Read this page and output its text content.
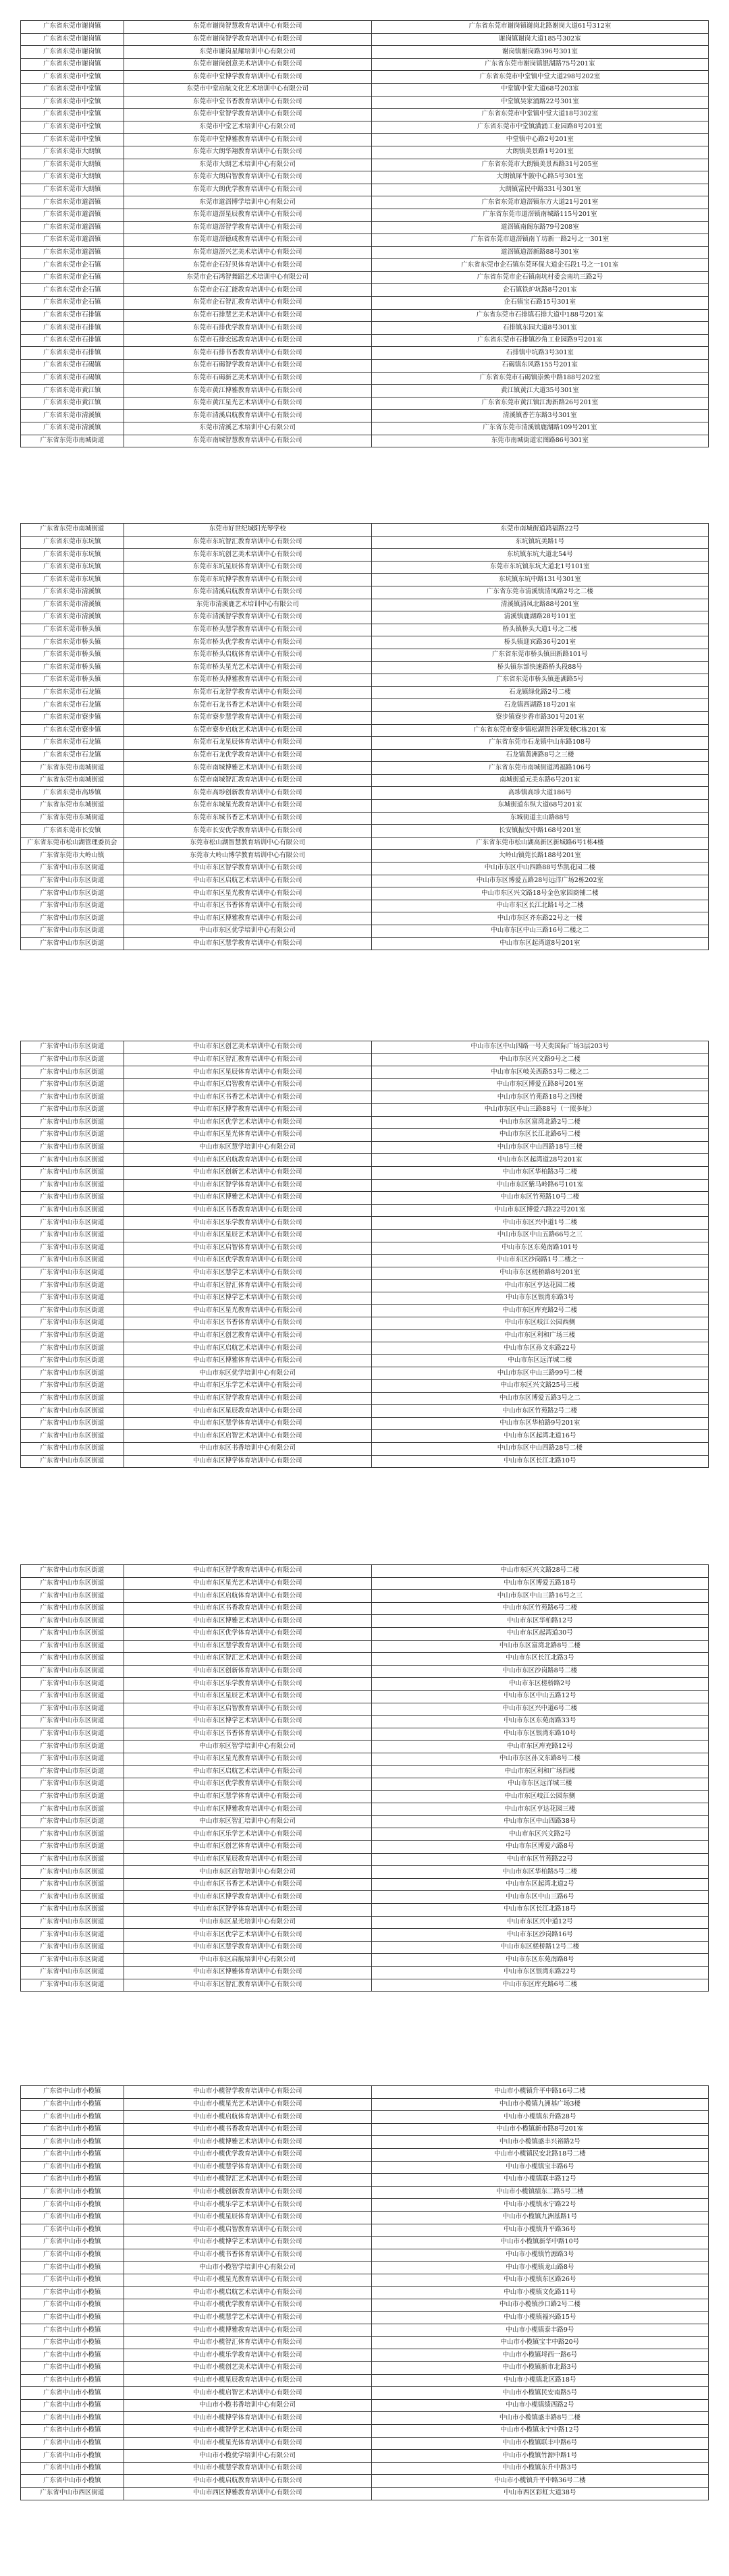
广东省东莞市谢岗镇	东莞市谢岗智慧教育培训中心有限公司	广东省东莞市谢岗镇谢岗北路谢岗大道61号312室
广东省东莞市谢岗镇	东莞市谢岗智学教育培训中心有限公司	谢岗镇谢岗大道185号302室
广东省东莞市谢岗镇	东莞市谢岗星耀培训中心有限公司	谢岗镇谢岗路396号301室
广东省东莞市谢岗镇	东莞市谢岗创意美术培训中心有限公司	广东省东莞市谢岗镇银湖路75号201室
广东省东莞市中堂镇	东莞市中堂博学教育培训中心有限公司	广东省东莞市中堂镇中堂大道298号202室
广东省东莞市中堂镇	东莞市中堂启航文化艺术培训中心有限公司	中堂镇中堂大道68号203室
广东省东莞市中堂镇	东莞市中堂书香教育培训中心有限公司	中堂镇吴家涌路22号301室
广东省东莞市中堂镇	东莞市中堂智学教育培训中心有限公司	广东省东莞市中堂镇中堂大道18号302室
广东省东莞市中堂镇	东莞市中堂艺术培训中心有限公司	广东省东莞市中堂镇潢涌工业园路8号201室
广东省东莞市中堂镇	东莞市中堂博雅教育培训中心有限公司	中堂镇中心路2号201室
广东省东莞市大朗镇	东莞市大朗华翔教育培训中心有限公司	大朗镇美景路1号201室
广东省东莞市大朗镇	东莞市大朗艺术培训中心有限公司	广东省东莞市大朗镇美景西路31号205室
广东省东莞市大朗镇	东莞市大朗启智教育培训中心有限公司	大朗镇犀牛陂中心路5号301室
广东省东莞市大朗镇	东莞市大朗优学教育培训中心有限公司	大朗镇富民中路331号301室
广东省东莞市道滘镇	东莞市道滘博学培训中心有限公司	广东省东莞市道滘镇东方大道21号201室
广东省东莞市道滘镇	东莞市道滘星辰教育培训中心有限公司	广东省东莞市道滘镇南城路115号201室
广东省东莞市道滘镇	东莞市道滘智学教育培训中心有限公司	道滘镇南阁东路79号208室
广东省东莞市道滘镇	东莞市道滘德成教育培训中心有限公司	广东省东莞市道滘镇南丫坊新一路2号之一301室
广东省东莞市道滘镇	东莞市道滘兴艺美术培训中心有限公司	道滘镇道滘新路88号301室
广东省东莞市企石镇	东莞市企石好贝体育培训中心有限公司	广东省东莞市企石镇东莞环保大道企石段1号之一101室
广东省东莞市企石镇	东莞市企石鸿智舞蹈艺术培训中心有限公司	广东省东莞市企石镇南坑村委会南坑三路2号
广东省东莞市企石镇	东莞市企石汇能教育培训中心有限公司	企石镇铁炉坑路8号201室
广东省东莞市企石镇	东莞市企石智汇教育培训中心有限公司	企石镇宝石路15号301室
广东省东莞市石排镇	东莞市石排慧艺美术培训中心有限公司	广东省东莞市石排镇石排大道中188号201室
广东省东莞市石排镇	东莞市石排优学教育培训中心有限公司	石排镇东园大道8号301室
广东省东莞市石排镇	东莞市石排宏远教育培训中心有限公司	广东省东莞市石排镇沙角工业园路9号201室
广东省东莞市石排镇	东莞市石排书香教育培训中心有限公司	石排镇中坑路3号301室
广东省东莞市石碣镇	东莞市石碣智学教育培训中心有限公司	石碣镇东风路155号201室
广东省东莞市石碣镇	东莞市石碣新艺美术培训中心有限公司	广东省东莞市石碣镇崇焕中路188号202室
广东省东莞市黄江镇	东莞市黄江博雅教育培训中心有限公司	黄江镇黄江大道35号301室
广东省东莞市黄江镇	东莞市黄江星光艺术培训中心有限公司	广东省东莞市黄江镇江海新路26号201室
广东省东莞市清溪镇	东莞市清溪启航教育培训中心有限公司	清溪镇香芒东路3号301室
广东省东莞市清溪镇	东莞市清溪艺术培训中心有限公司	广东省东莞市清溪镇鹿湖路109号201室
广东省东莞市南城街道	东莞市南城智慧教育培训中心有限公司	东莞市南城街道宏图路86号301室
广东省东莞市南城街道	东莞市好世纪城阳光琴学校	东莞市南城街道鸿福路22号
广东省东莞市东坑镇	东莞市东坑智汇教育培训中心有限公司	东坑镇坑美路1号
广东省东莞市东坑镇	东莞市东坑创艺美术培训中心有限公司	东坑镇东坑大道北54号
广东省东莞市东坑镇	东莞市东坑星辰体育培训中心有限公司	东莞市东坑镇东坑大道北1号101室
广东省东莞市东坑镇	东莞市东坑博学教育培训中心有限公司	东坑镇东坑中路131号301室
广东省东莞市清溪镇	东莞市清溪启航教育培训中心有限公司	广东省东莞市清溪镇清凤路2号之二楼
广东省东莞市清溪镇	东莞市清溪鹿艺术培训中心有限公司	清溪镇清凤北路88号201室
广东省东莞市清溪镇	东莞市清溪智学教育培训中心有限公司	清溪镇鹿湖路28号101室
广东省东莞市桥头镇	东莞市桥头慧学教育培训中心有限公司	桥头镇桥头大道1号之二楼
广东省东莞市桥头镇	东莞市桥头优学教育培训中心有限公司	桥头镇迎宾路36号201室
广东省东莞市桥头镇	东莞市桥头启航体育培训中心有限公司	广东省东莞市桥头镇田新路101号
广东省东莞市桥头镇	东莞市桥头星光艺术培训中心有限公司	桥头镇东部快速路桥头段88号
广东省东莞市桥头镇	东莞市桥头博雅教育培训中心有限公司	广东省东莞市桥头镇莲湖路5号
广东省东莞市石龙镇	东莞市石龙智学教育培训中心有限公司	石龙镇绿化路2号二楼
广东省东莞市石龙镇	东莞市石龙书香艺术培训中心有限公司	石龙镇西湖路18号201室
广东省东莞市寮步镇	东莞市寮步慧学教育培训中心有限公司	寮步镇寮步香市路301号201室
广东省东莞市寮步镇	东莞市寮步启航艺术培训中心有限公司	广东省东莞市寮步镇松湖智谷研发楼C栋201室
广东省东莞市石龙镇	东莞市石龙星辰体育培训中心有限公司	广东省东莞市石龙镇中山东路108号
广东省东莞市石龙镇	东莞市石龙优学教育培训中心有限公司	石龙镇黄洲路8号之三楼
广东省东莞市南城街道	东莞市南城博雅艺术培训中心有限公司	广东省东莞市南城街道鸿福路106号
广东省东莞市南城街道	东莞市南城智汇教育培训中心有限公司	南城街道元美东路6号201室
广东省东莞市高埗镇	东莞市高埗创新教育培训中心有限公司	高埗镇高埗大道186号
广东省东莞市东城街道	东莞市东城星光教育培训中心有限公司	东城街道东纵大道68号201室
广东省东莞市东城街道	东莞市东城书香艺术培训中心有限公司	东城街道主山路88号
广东省东莞市长安镇	东莞市长安优学教育培训中心有限公司	长安镇振安中路168号201室
广东省东莞市松山湖管理委员会	东莞市松山湖智慧教育培训中心有限公司	广东省东莞市松山湖高新区新城路6号1栋4楼
广东省东莞市大岭山镇	东莞市大岭山博学教育培训中心有限公司	大岭山镇莞长路188号201室
广东省中山市东区街道	中山市东区智学教育培训中心有限公司	中山市东区中山四路88号华凯花园二楼
广东省中山市东区街道	中山市东区启航艺术培训中心有限公司	中山市东区博爱五路28号远洋广场2栋202室
广东省中山市东区街道	中山市东区星光教育培训中心有限公司	中山市东区兴文路18号金色家园商铺二楼
广东省中山市东区街道	中山市东区书香体育培训中心有限公司	中山市东区长江北路1号之二楼
广东省中山市东区街道	中山市东区博雅教育培训中心有限公司	中山市东区齐东路22号之一楼
广东省中山市东区街道	中山市东区优学培训中心有限公司	中山市东区中山三路16号二楼之二
广东省中山市东区街道	中山市东区慧学教育培训中心有限公司	中山市东区起湾道8号201室
广东省中山市东区街道	中山市东区创艺美术培训中心有限公司	中山市东区中山四路一号天奕国际广场3层203号
广东省中山市东区街道	中山市东区智汇教育培训中心有限公司	中山市东区兴文路9号之二楼
广东省中山市东区街道	中山市东区星辰体育培训中心有限公司	中山市东区岐关西路53号二楼之二
广东省中山市东区街道	中山市东区启智教育培训中心有限公司	中山市东区博爱五路8号201室
广东省中山市东区街道	中山市东区书香艺术培训中心有限公司	中山市东区竹苑路18号之四楼
广东省中山市东区街道	中山市东区博学教育培训中心有限公司	中山市东区中山三路88号（一照多址）
广东省中山市东区街道	中山市东区优学艺术培训中心有限公司	中山市东区富湾北路2号二楼
广东省中山市东区街道	中山市东区星光体育培训中心有限公司	中山市东区长江北路6号二楼
广东省中山市东区街道	中山市东区慧学培训中心有限公司	中山市东区中山四路18号三楼
广东省中山市东区街道	中山市东区启航教育培训中心有限公司	中山市东区起湾道28号201室
广东省中山市东区街道	中山市东区创新艺术培训中心有限公司	中山市东区华柏路3号二楼
广东省中山市东区街道	中山市东区智学体育培训中心有限公司	中山市东区紫马岭路6号101室
广东省中山市东区街道	中山市东区博雅艺术培训中心有限公司	中山市东区竹苑路10号二楼
广东省中山市东区街道	中山市东区书香教育培训中心有限公司	中山市东区博爱六路22号201室
广东省中山市东区街道	中山市东区乐学教育培训中心有限公司	中山市东区兴中道1号二楼
广东省中山市东区街道	中山市东区星辰艺术培训中心有限公司	中山市东区中山五路66号之三
广东省中山市东区街道	中山市东区启智体育培训中心有限公司	中山市东区东苑南路101号
广东省中山市东区街道	中山市东区优学教育培训中心有限公司	中山市东区沙岗路1号二楼之一
广东省中山市东区街道	中山市东区慧学艺术培训中心有限公司	中山市东区槎桥路8号201室
广东省中山市东区街道	中山市东区智汇体育培训中心有限公司	中山市东区亨达花园二楼
广东省中山市东区街道	中山市东区博学艺术培训中心有限公司	中山市东区银湾东路3号
广东省中山市东区街道	中山市东区星光教育培训中心有限公司	中山市东区库充路2号二楼
广东省中山市东区街道	中山市东区书香体育培训中心有限公司	中山市东区岐江公园西侧
广东省中山市东区街道	中山市东区创艺教育培训中心有限公司	中山市东区利和广场三楼
广东省中山市东区街道	中山市东区启航艺术培训中心有限公司	中山市东区孙文东路22号
广东省中山市东区街道	中山市东区博雅体育培训中心有限公司	中山市东区远洋城二楼
广东省中山市东区街道	中山市东区优学培训中心有限公司	中山市东区中山三路99号二楼
广东省中山市东区街道	中山市东区乐学艺术培训中心有限公司	中山市东区兴文路25号三楼
广东省中山市东区街道	中山市东区智学教育培训中心有限公司	中山市东区博爱五路3号之二
广东省中山市东区街道	中山市东区星辰教育培训中心有限公司	中山市东区竹苑路2号二楼
广东省中山市东区街道	中山市东区慧学体育培训中心有限公司	中山市东区华柏路9号201室
广东省中山市东区街道	中山市东区启智艺术培训中心有限公司	中山市东区起湾北道16号
广东省中山市东区街道	中山市东区书香培训中心有限公司	中山市东区中山四路28号二楼
广东省中山市东区街道	中山市东区博学体育培训中心有限公司	中山市东区长江北路10号
广东省中山市东区街道	中山市东区智学教育培训中心有限公司	中山市东区兴文路28号二楼
广东省中山市东区街道	中山市东区星光艺术培训中心有限公司	中山市东区博爱五路18号
广东省中山市东区街道	中山市东区启航体育培训中心有限公司	中山市东区中山三路16号之三
广东省中山市东区街道	中山市东区书香教育培训中心有限公司	中山市东区竹苑路6号二楼
广东省中山市东区街道	中山市东区博雅艺术培训中心有限公司	中山市东区华柏路12号
广东省中山市东区街道	中山市东区优学体育培训中心有限公司	中山市东区起湾道30号
广东省中山市东区街道	中山市东区慧学教育培训中心有限公司	中山市东区富湾北路8号二楼
广东省中山市东区街道	中山市东区智汇艺术培训中心有限公司	中山市东区长江北路3号
广东省中山市东区街道	中山市东区创新体育培训中心有限公司	中山市东区沙岗路8号二楼
广东省中山市东区街道	中山市东区乐学教育培训中心有限公司	中山市东区槎桥路2号
广东省中山市东区街道	中山市东区星辰艺术培训中心有限公司	中山市东区中山五路12号
广东省中山市东区街道	中山市东区启智教育培训中心有限公司	中山市东区兴中道6号二楼
广东省中山市东区街道	中山市东区博学艺术培训中心有限公司	中山市东区东苑南路33号
广东省中山市东区街道	中山市东区书香体育培训中心有限公司	中山市东区银湾东路10号
广东省中山市东区街道	中山市东区智学培训中心有限公司	中山市东区库充路12号
广东省中山市东区街道	中山市东区星光教育培训中心有限公司	中山市东区孙文东路8号二楼
广东省中山市东区街道	中山市东区启航艺术培训中心有限公司	中山市东区利和广场四楼
广东省中山市东区街道	中山市东区优学教育培训中心有限公司	中山市东区远洋城三楼
广东省中山市东区街道	中山市东区慧学体育培训中心有限公司	中山市东区岐江公园东侧
广东省中山市东区街道	中山市东区博雅教育培训中心有限公司	中山市东区亨达花园三楼
广东省中山市东区街道	中山市东区智汇培训中心有限公司	中山市东区中山四路38号
广东省中山市东区街道	中山市东区乐学艺术培训中心有限公司	中山市东区兴文路2号
广东省中山市东区街道	中山市东区创艺体育培训中心有限公司	中山市东区博爱六路8号
广东省中山市东区街道	中山市东区星辰教育培训中心有限公司	中山市东区竹苑路22号
广东省中山市东区街道	中山市东区启智培训中心有限公司	中山市东区华柏路5号二楼
广东省中山市东区街道	中山市东区书香艺术培训中心有限公司	中山市东区起湾北道2号
广东省中山市东区街道	中山市东区博学教育培训中心有限公司	中山市东区中山三路6号
广东省中山市东区街道	中山市东区智学体育培训中心有限公司	中山市东区长江北路18号
广东省中山市东区街道	中山市东区星光培训中心有限公司	中山市东区兴中道12号
广东省中山市东区街道	中山市东区优学艺术培训中心有限公司	中山市东区沙岗路16号
广东省中山市东区街道	中山市东区慧学教育培训中心有限公司	中山市东区槎桥路12号二楼
广东省中山市东区街道	中山市东区启航培训中心有限公司	中山市东区东苑南路8号
广东省中山市东区街道	中山市东区博雅体育培训中心有限公司	中山市东区银湾东路22号
广东省中山市东区街道	中山市东区智汇教育培训中心有限公司	中山市东区库充路6号二楼
广东省中山市小榄镇	中山市小榄智学教育培训中心有限公司	中山市小榄镇升平中路16号二楼
广东省中山市小榄镇	中山市小榄星光艺术培训中心有限公司	中山市小榄镇九洲基广场3楼
广东省中山市小榄镇	中山市小榄启航体育培训中心有限公司	中山市小榄镇东升路28号
广东省中山市小榄镇	中山市小榄书香教育培训中心有限公司	中山市小榄镇新市路8号201室
广东省中山市小榄镇	中山市小榄博雅艺术培训中心有限公司	中山市小榄镇盛丰兴裕路2号
广东省中山市小榄镇	中山市小榄优学教育培训中心有限公司	中山市小榄镇民安北路18号二楼
广东省中山市小榄镇	中山市小榄慧学体育培训中心有限公司	中山市小榄镇宝丰路6号
广东省中山市小榄镇	中山市小榄智汇艺术培训中心有限公司	中山市小榄镇联丰路12号
广东省中山市小榄镇	中山市小榄创新教育培训中心有限公司	中山市小榄镇绩东二路5号二楼
广东省中山市小榄镇	中山市小榄乐学艺术培训中心有限公司	中山市小榄镇永宁路22号
广东省中山市小榄镇	中山市小榄星辰体育培训中心有限公司	中山市小榄镇九洲基路1号
广东省中山市小榄镇	中山市小榄启智教育培训中心有限公司	中山市小榄镇升平路36号
广东省中山市小榄镇	中山市小榄博学艺术培训中心有限公司	中山市小榄镇新华中路10号
广东省中山市小榄镇	中山市小榄书香体育培训中心有限公司	中山市小榄镇竹源路3号
广东省中山市小榄镇	中山市小榄智学培训中心有限公司	中山市小榄镇龙山路8号
广东省中山市小榄镇	中山市小榄星光教育培训中心有限公司	中山市小榄镇东区路26号
广东省中山市小榄镇	中山市小榄启航艺术培训中心有限公司	中山市小榄镇文化路11号
广东省中山市小榄镇	中山市小榄优学教育培训中心有限公司	中山市小榄镇沙口路2号二楼
广东省中山市小榄镇	中山市小榄慧学艺术培训中心有限公司	中山市小榄镇福兴路15号
广东省中山市小榄镇	中山市小榄博雅教育培训中心有限公司	中山市小榄镇泰丰路9号
广东省中山市小榄镇	中山市小榄智汇体育培训中心有限公司	中山市小榄镇宝丰中路20号
广东省中山市小榄镇	中山市小榄乐学教育培训中心有限公司	中山市小榄镇埒西一路6号
广东省中山市小榄镇	中山市小榄创艺美术培训中心有限公司	中山市小榄镇新市北路3号
广东省中山市小榄镇	中山市小榄星辰教育培训中心有限公司	中山市小榄镇北区路18号
广东省中山市小榄镇	中山市小榄启智艺术培训中心有限公司	中山市小榄镇民安南路5号
广东省中山市小榄镇	中山市小榄书香培训中心有限公司	中山市小榄镇绩西路2号
广东省中山市小榄镇	中山市小榄博学体育培训中心有限公司	中山市小榄镇盛丰路8号二楼
广东省中山市小榄镇	中山市小榄智学艺术培训中心有限公司	中山市小榄镇永宁中路12号
广东省中山市小榄镇	中山市小榄星光体育培训中心有限公司	中山市小榄镇联丰中路6号
广东省中山市小榄镇	中山市小榄优学培训中心有限公司	中山市小榄镇竹源中路1号
广东省中山市小榄镇	中山市小榄慧学教育培训中心有限公司	中山市小榄镇东升中路3号
广东省中山市小榄镇	中山市小榄启航教育培训中心有限公司	中山市小榄镇升平中路36号二楼
广东省中山市西区街道	中山市西区博雅教育培训中心有限公司	中山市西区彩虹大道38号
